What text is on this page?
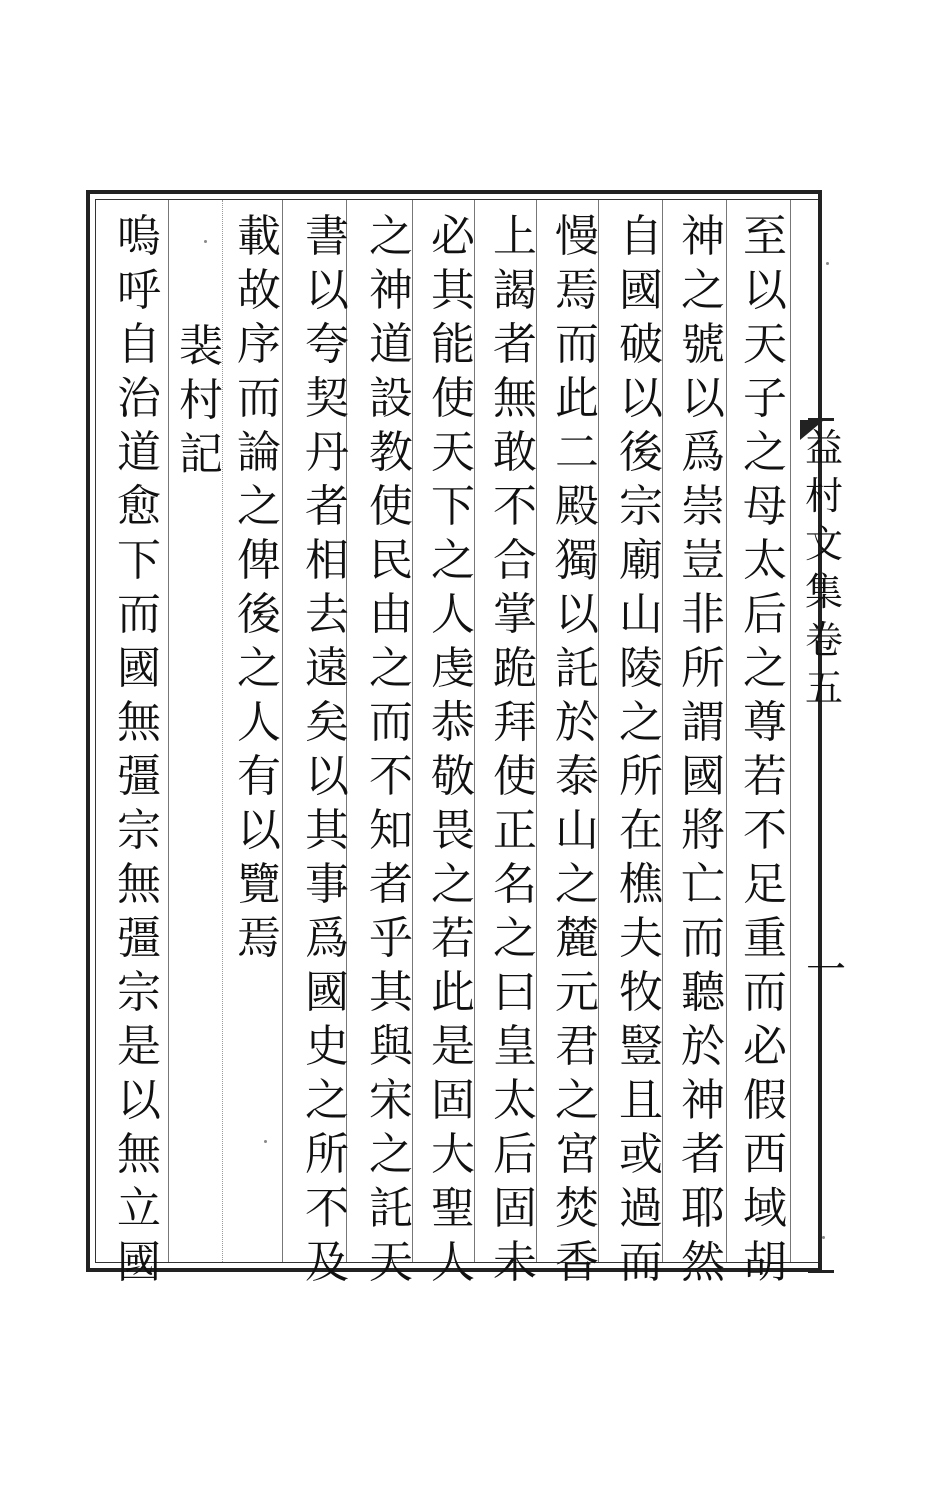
至
以
天
子
之
母
太
后
之
尊
若
不
足
重
而
必
假
西
域
胡
神
之
號
以
爲
崇
豈
非
所
謂
國
將
亡
而
聽
於
神
者
耶
然
自
國
破
以
後
宗
廟
山
陵
之
所
在
樵
夫
牧
豎
且
或
過
而
慢
焉
而
此
二
殿
獨
以
託
於
泰
山
之
麓
元
君
之
宮
焚
香
上
謁
者
無
敢
不
合
掌
跪
拜
使
正
名
之
曰
皇
太
后
固
未
必
其
能
使
天
下
之
人
虔
恭
敬
畏
之
若
此
是
固
大
聖
人
之
神
道
設
教
使
民
由
之
而
不
知
者
乎
其
與
宋
之
託
天
書
以
夸
契
丹
者
相
去
遠
矣
以
其
事
爲
國
史
之
所
不
及
載
故
序
而
論
之
俾
後
之
人
有
以
覽
焉
裴
村
記
嗚
呼
自
治
道
愈
下
而
國
無
彊
宗
無
彊
宗
是
以
無
立
國
益
村
文
集
卷
五
一
